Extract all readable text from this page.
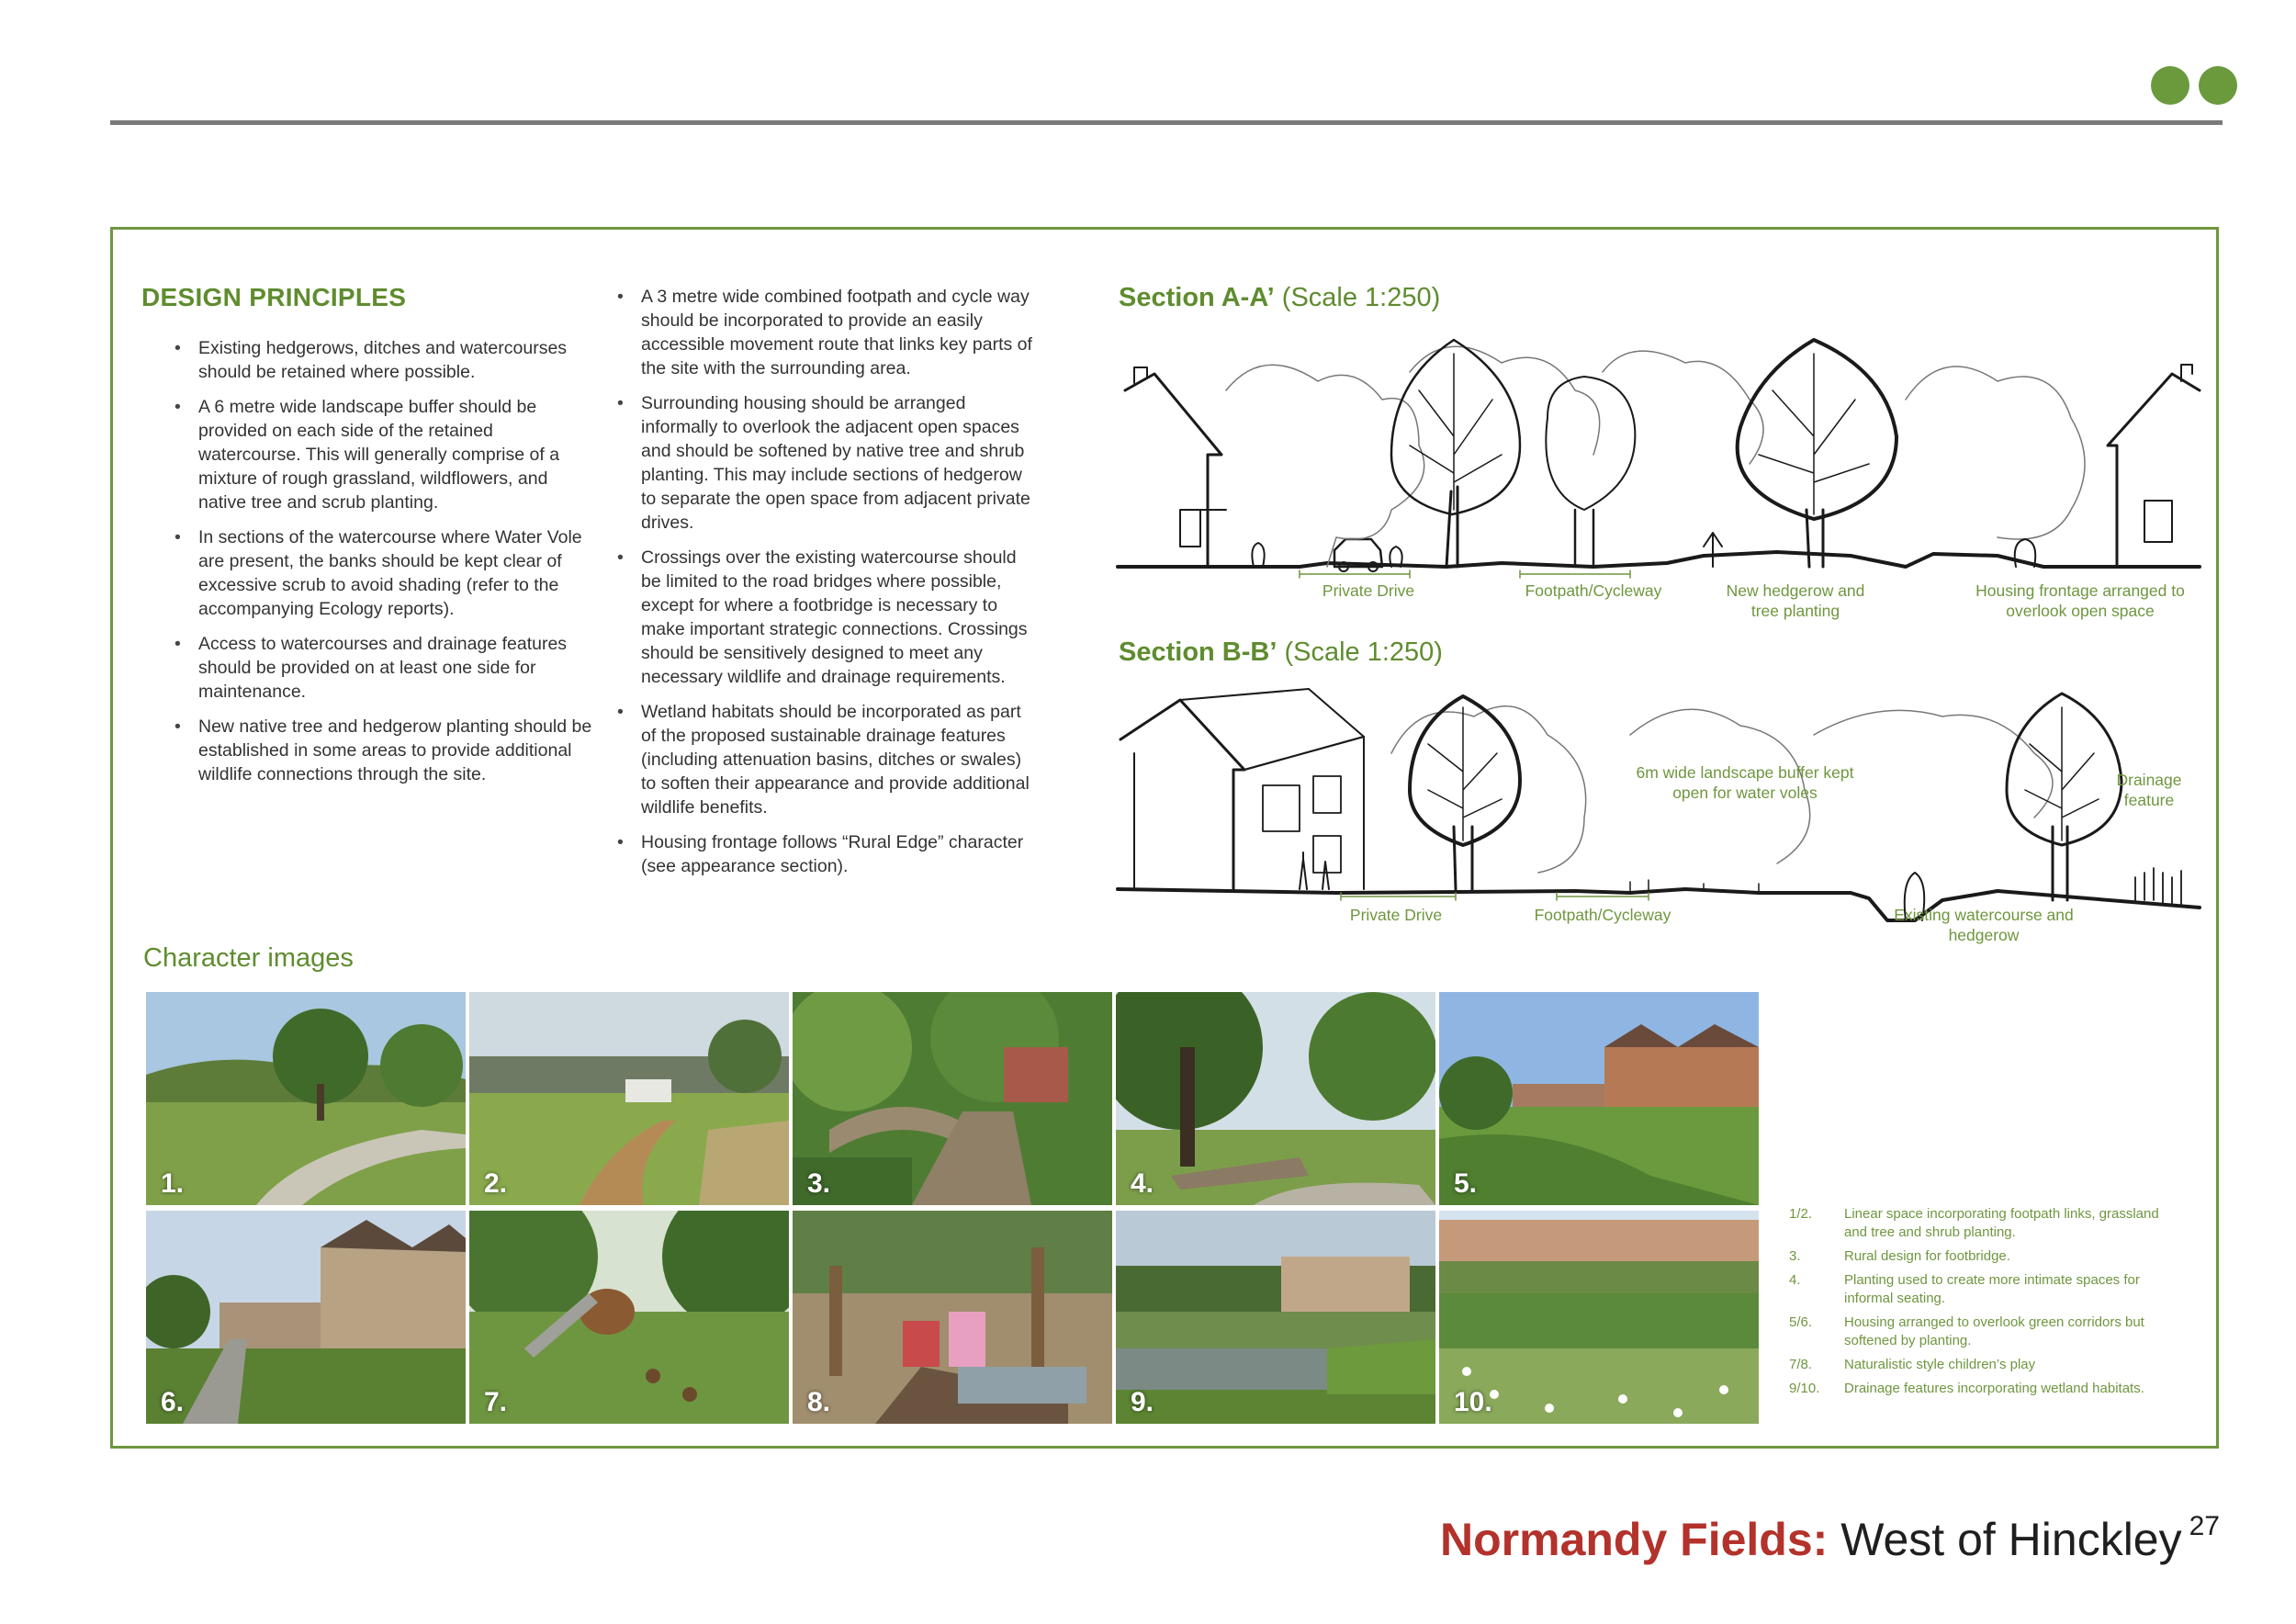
DESIGN PRINCIPLES
• Existing hedgerows, ditches and watercourses should be retained where possible.
• A 6 metre wide landscape buffer should be provided on each side of the retained watercourse. This will generally comprise of a mixture of rough grassland, wildflowers, and native tree and scrub planting.
• In sections of the watercourse where Water Vole are present, the banks should be kept clear of excessive scrub to avoid shading (refer to the accompanying Ecology reports).
• Access to watercourses and drainage features should be provided on at least one side for maintenance.
• New native tree and hedgerow planting should be established in some areas to provide additional wildlife connections through the site.
• A 3 metre wide combined footpath and cycle way should be incorporated to provide an easily accessible movement route that links key parts of the site with the surrounding area.
• Surrounding housing should be arranged informally to overlook the adjacent open spaces and should be softened by native tree and shrub planting. This may include sections of hedgerow to separate the open space from adjacent private drives.
• Crossings over the existing watercourse should be limited to the road bridges where possible, except for where a footbridge is necessary to make important strategic connections. Crossings should be sensitively designed to meet any necessary wildlife and drainage requirements.
• Wetland habitats should be incorporated as part of the proposed sustainable drainage features (including attenuation basins, ditches or swales) to soften their appearance and provide additional wildlife benefits.
• Housing frontage follows “Rural Edge” character (see appearance section).
Section A-A’ (Scale 1:250)
Private Drive	Footpath/Cycleway	New hedgerow and tree planting
Housing frontage arranged to overlook open space
Section B-B’ (Scale 1:250)
Private Drive	Footpath/Cycleway
6m wide landscape buffer kept open for water voles
Drainage feature
Existing watercourse and hedgerow
Character images
1.	2.	3.	4.	5.
6.	7.	8.	9.	10.
1/2.	Linear space incorporating footpath links, grassland and tree and shrub planting.
3.	Rural design for footbridge.
4.	Planting used to create more intimate spaces for informal seating.
5/6.	Housing arranged to overlook green corridors but softened by planting.
7/8.	Naturalistic style children’s play
9/10.	Drainage features incorporating wetland habitats.
Normandy Fields: West of Hinckley $^{27}$
